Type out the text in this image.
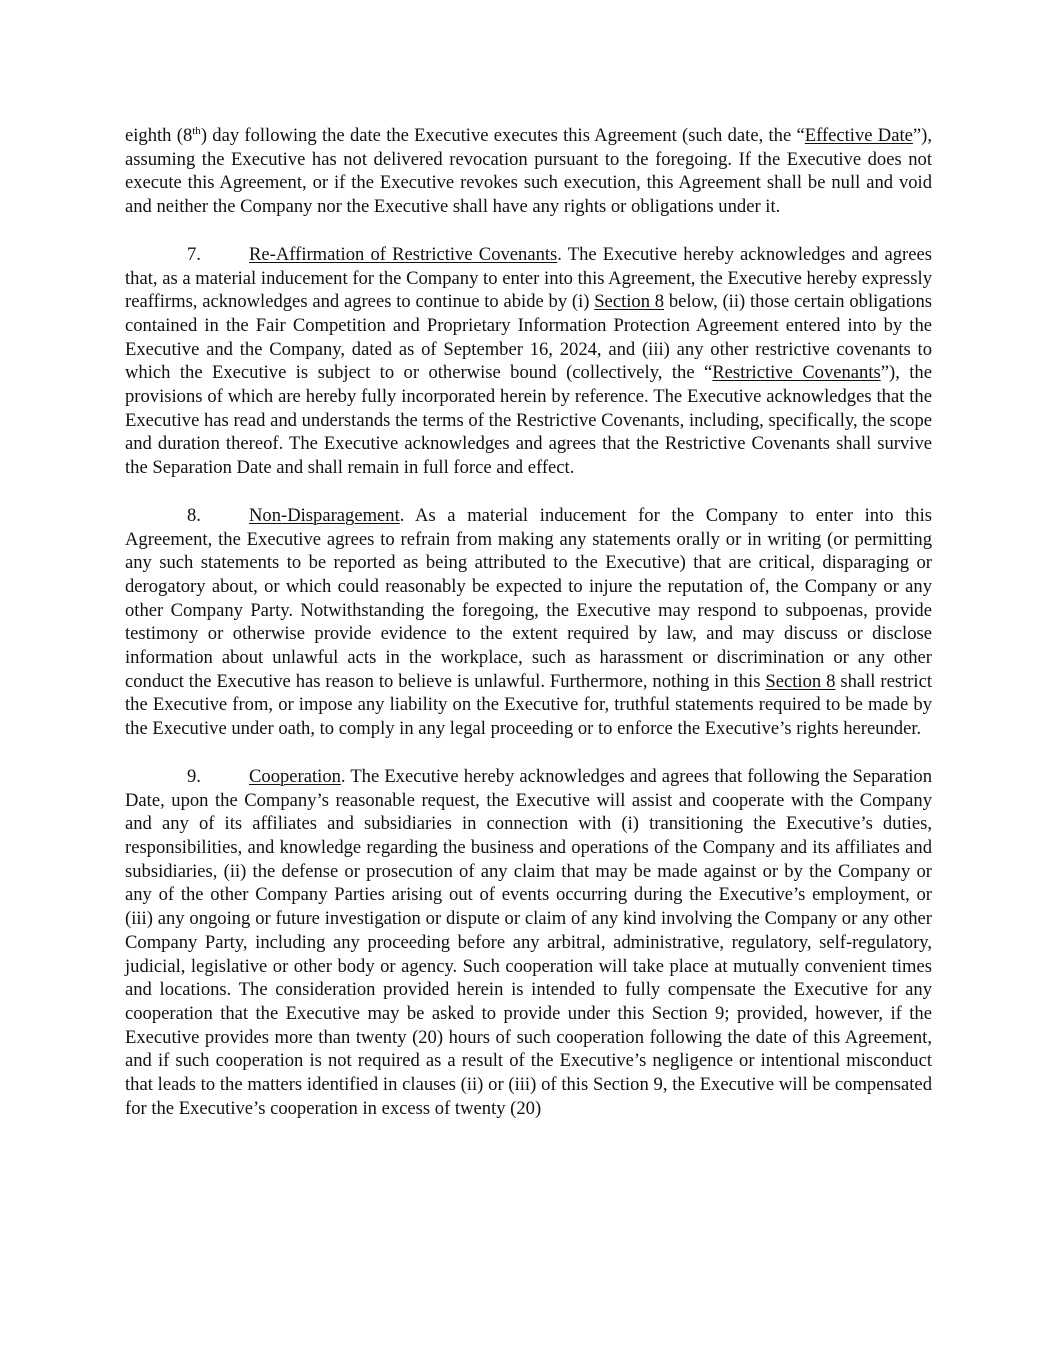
eighth (8th) day following the date the Executive executes this Agreement (such date, the “Effective Date”), assuming the Executive has not delivered revocation pursuant to the foregoing. If the Executive does not execute this Agreement, or if the Executive revokes such execution, this Agreement shall be null and void and neither the Company nor the Executive shall have any rights or obligations under it.

7.	Re-Affirmation of Restrictive Covenants. The Executive hereby acknowledges and agrees that, as a material inducement for the Company to enter into this Agreement, the Executive hereby expressly reaffirms, acknowledges and agrees to continue to abide by (i) Section 8 below, (ii) those certain obligations contained in the Fair Competition and Proprietary Information Protection Agreement entered into by the Executive and the Company, dated as of September 16, 2024, and (iii) any other restrictive covenants to which the Executive is subject to or otherwise bound (collectively, the “Restrictive Covenants”), the provisions of which are hereby fully incorporated herein by reference. The Executive acknowledges that the Executive has read and understands the terms of the Restrictive Covenants, including, specifically, the scope and duration thereof. The Executive acknowledges and agrees that the Restrictive Covenants shall survive the Separation Date and shall remain in full force and effect.

8.	Non-Disparagement. As a material inducement for the Company to enter into this Agreement, the Executive agrees to refrain from making any statements orally or in writing (or permitting any such statements to be reported as being attributed to the Executive) that are critical, disparaging or derogatory about, or which could reasonably be expected to injure the reputation of, the Company or any other Company Party. Notwithstanding the foregoing, the Executive may respond to subpoenas, provide testimony or otherwise provide evidence to the extent required by law, and may discuss or disclose information about unlawful acts in the workplace, such as harassment or discrimination or any other conduct the Executive has reason to believe is unlawful. Furthermore, nothing in this Section 8 shall restrict the Executive from, or impose any liability on the Executive for, truthful statements required to be made by the Executive under oath, to comply in any legal proceeding or to enforce the Executive’s rights hereunder.

9.	Cooperation. The Executive hereby acknowledges and agrees that following the Separation Date, upon the Company’s reasonable request, the Executive will assist and cooperate with the Company and any of its affiliates and subsidiaries in connection with (i) transitioning the Executive’s duties, responsibilities, and knowledge regarding the business and operations of the Company and its affiliates and subsidiaries, (ii) the defense or prosecution of any claim that may be made against or by the Company or any of the other Company Parties arising out of events occurring during the Executive’s employment, or (iii) any ongoing or future investigation or dispute or claim of any kind involving the Company or any other Company Party, including any proceeding before any arbitral, administrative, regulatory, self-regulatory, judicial, legislative or other body or agency. Such cooperation will take place at mutually convenient times and locations. The consideration provided herein is intended to fully compensate the Executive for any cooperation that the Executive may be asked to provide under this Section 9; provided, however, if the Executive provides more than twenty (20) hours of such cooperation following the date of this Agreement, and if such cooperation is not required as a result of the Executive’s negligence or intentional misconduct that leads to the matters identified in clauses (ii) or (iii) of this Section 9, the Executive will be compensated for the Executive’s cooperation in excess of twenty (20)
